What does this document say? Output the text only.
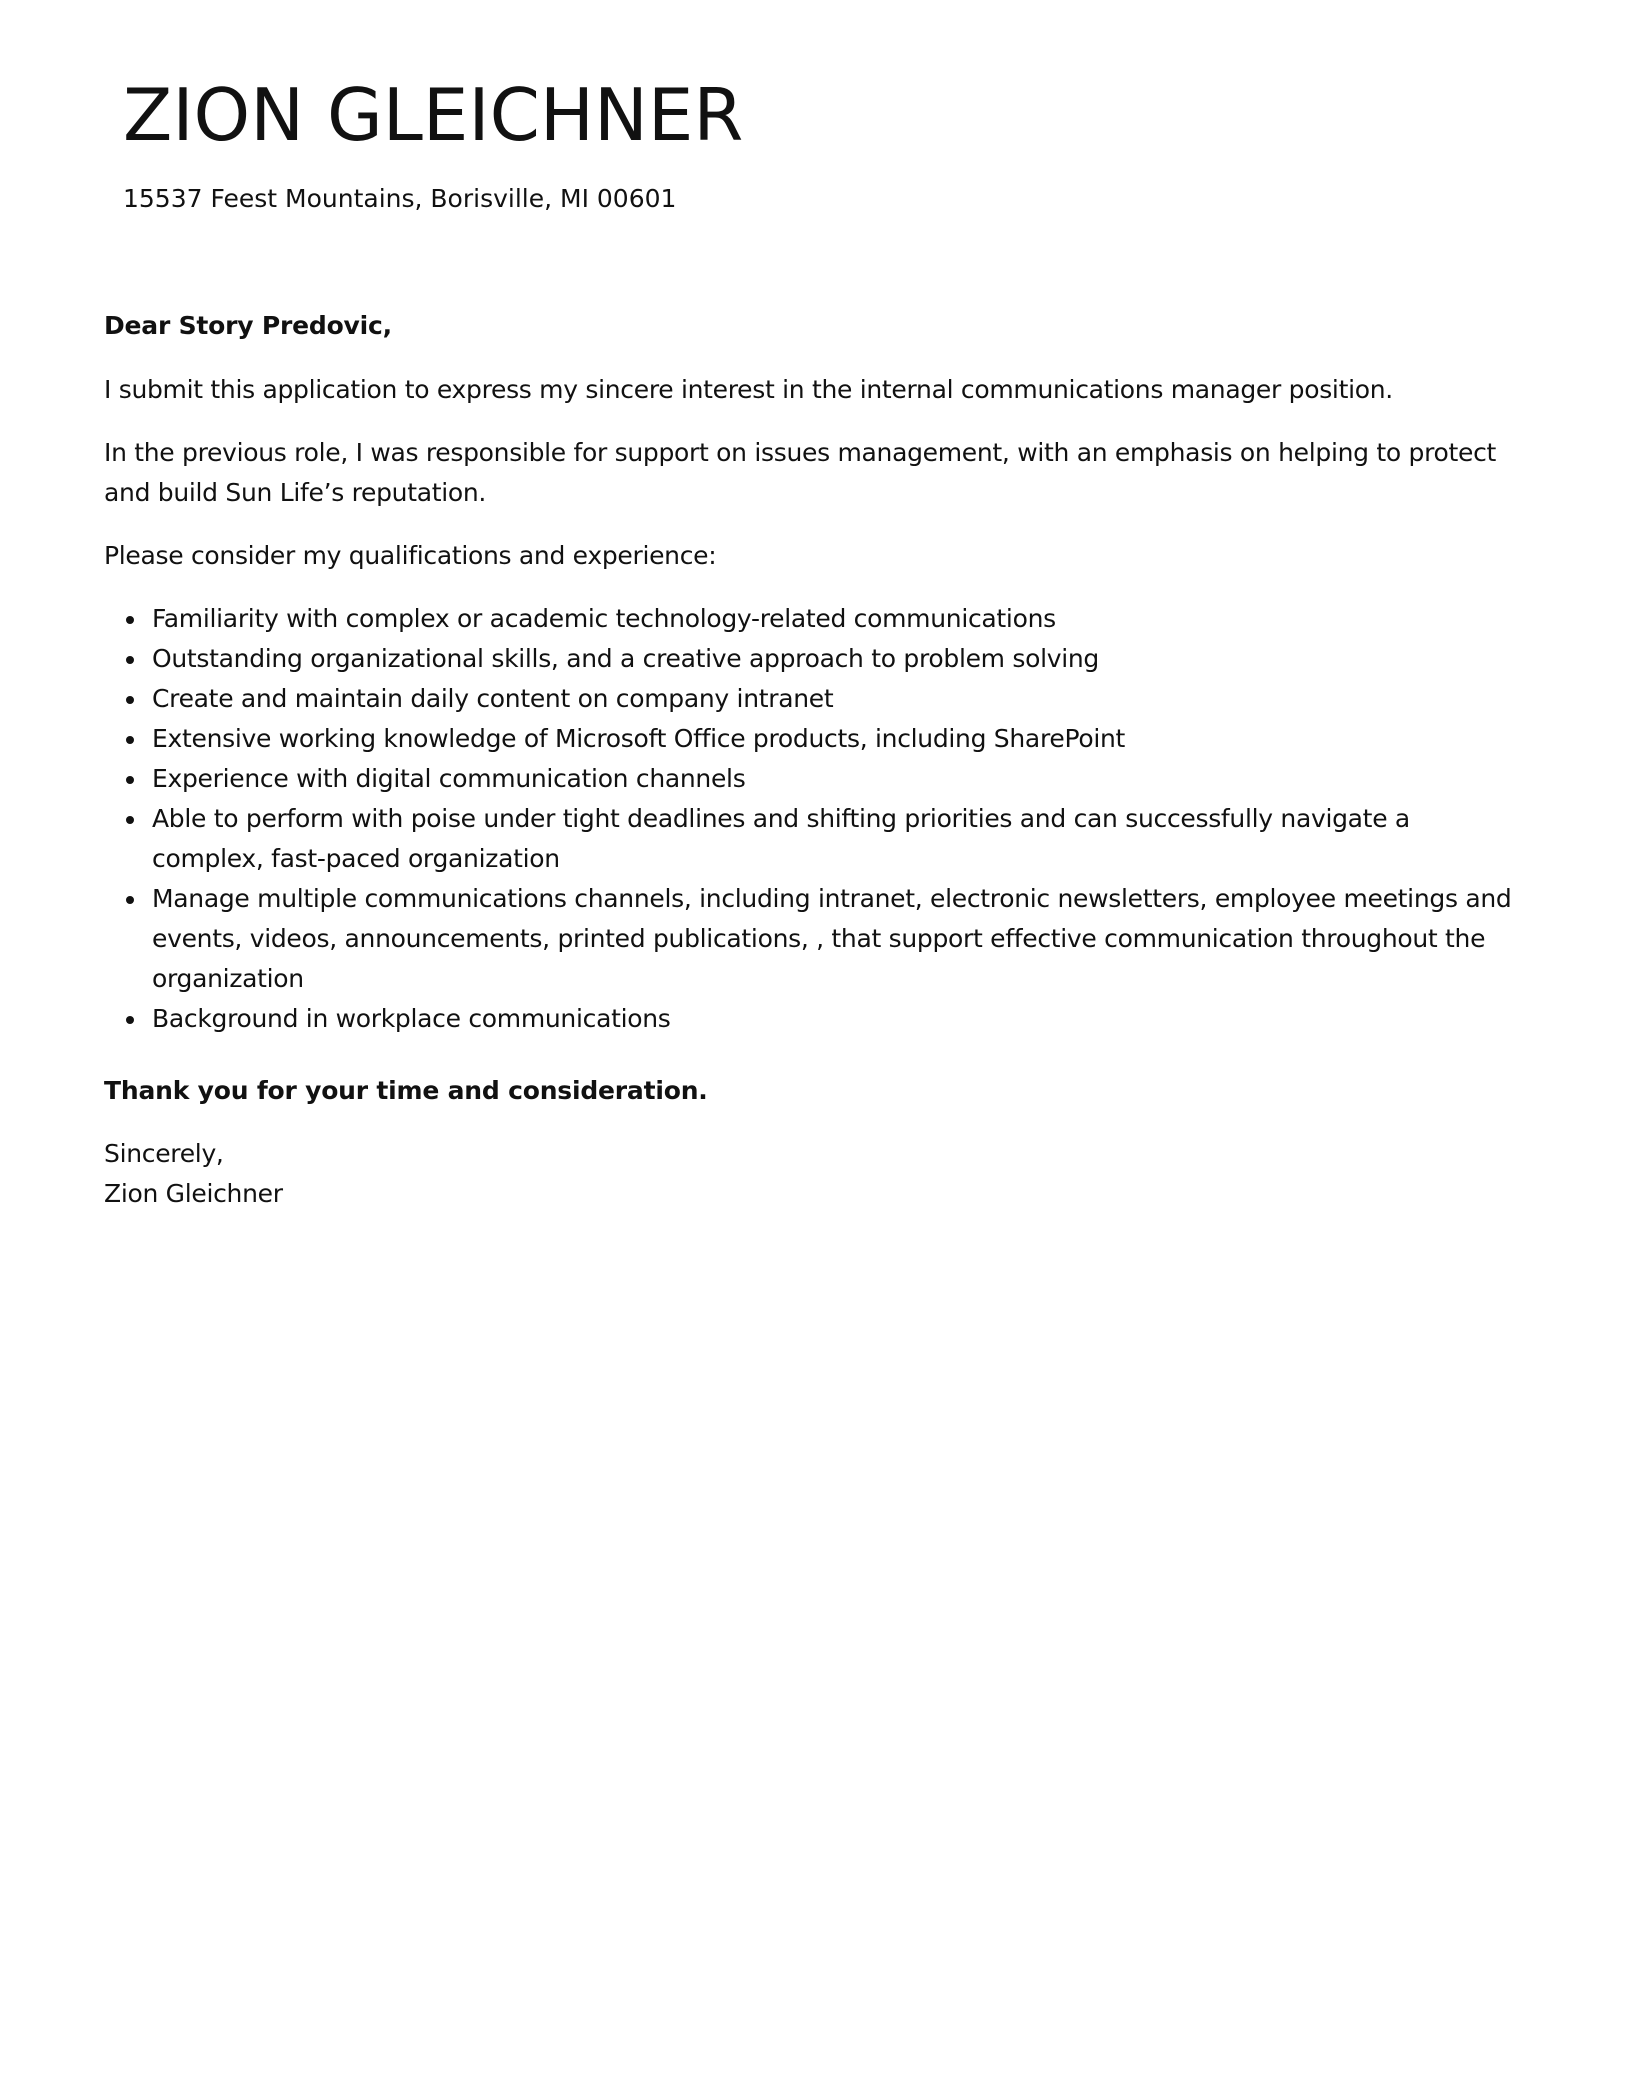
ZION GLEICHNER
15537 Feest Mountains, Borisville, MI 00601

Dear Story Predovic,

I submit this application to express my sincere interest in the internal communications manager position.

In the previous role, I was responsible for support on issues management, with an emphasis on helping to protect and build Sun Life’s reputation.

Please consider my qualifications and experience:

Familiarity with complex or academic technology-related communications
Outstanding organizational skills, and a creative approach to problem solving
Create and maintain daily content on company intranet
Extensive working knowledge of Microsoft Office products, including SharePoint
Experience with digital communication channels
Able to perform with poise under tight deadlines and shifting priorities and can successfully navigate a complex, fast-paced organization
Manage multiple communications channels, including intranet, electronic newsletters, employee meetings and events, videos, announcements, printed publications, , that support effective communication throughout the organization
Background in workplace communications

Thank you for your time and consideration.

Sincerely,
Zion Gleichner
